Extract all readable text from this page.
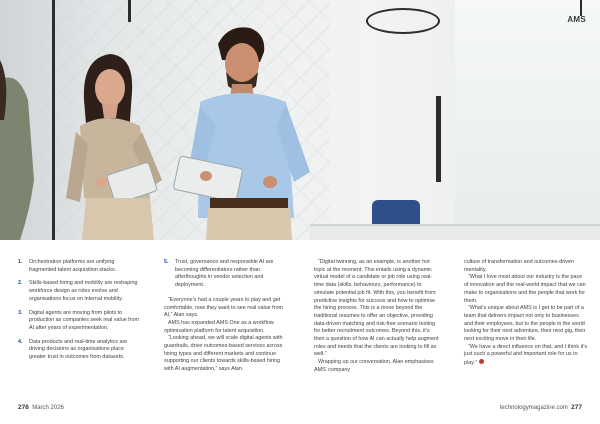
AMS
1. Orchestration platforms are unifying fragmented talent acquisition stacks.
2. Skills-based hiring and mobility are reshaping workforce design as roles evolve and organisations focus on internal mobility.
3. Digital agents are moving from pilots to production as companies seek real value from AI after years of experimentation.
4. Data products and real-time analytics are driving decisions as organisations place greater trust in outcomes from datasets.
5. Trust, governance and responsible AI are becoming differentiators rather than afterthoughts in vendor selection and deployment.

“Everyone’s had a couple years to play and get comfortable, now they want to see real value from AI,” Alan says.

AMS has expanded AMS One as a workflow optimisation platform for talent acquisition.

“Looking ahead, we will scale digital agents with guardrails, drive outcomes-based services across hiring types and different markets and continue supporting our clients towards skills-based hiring with AI augmentation,” says Alan.

“Digital twinning, as an example, is another hot topic at the moment. This entails using a dynamic virtual model of a candidate or job role using real-time data (skills, behaviours, performance) to simulate potential job fit. With this, you benefit from predictive insights for success and how to optimise the hiring process. This is a move beyond the traditional resumes to offer an objective, providing data-driven matching and risk-free scenario testing for better recruitment outcomes. Beyond this, it’s then a question of how AI can actually help augment roles and needs that the clients are looking to fill as well.”

Wrapping up our conversation, Alan emphasises AMS’ company

culture of transformation and outcomes-driven mentality.

“What I love most about our industry is the pace of innovation and the real-world impact that we can make to organisations and the people that work for them.

“What’s unique about AMS is I get to be part of a team that delivers impact not only to businesses and their employees, but to the people in the world looking for their next adventure, their next gig, their next exciting move in their life.

“We have a direct influence on that, and I think it’s just such a powerful and important role for us to play.”

276 March 2026	technologymagazine.com 277
